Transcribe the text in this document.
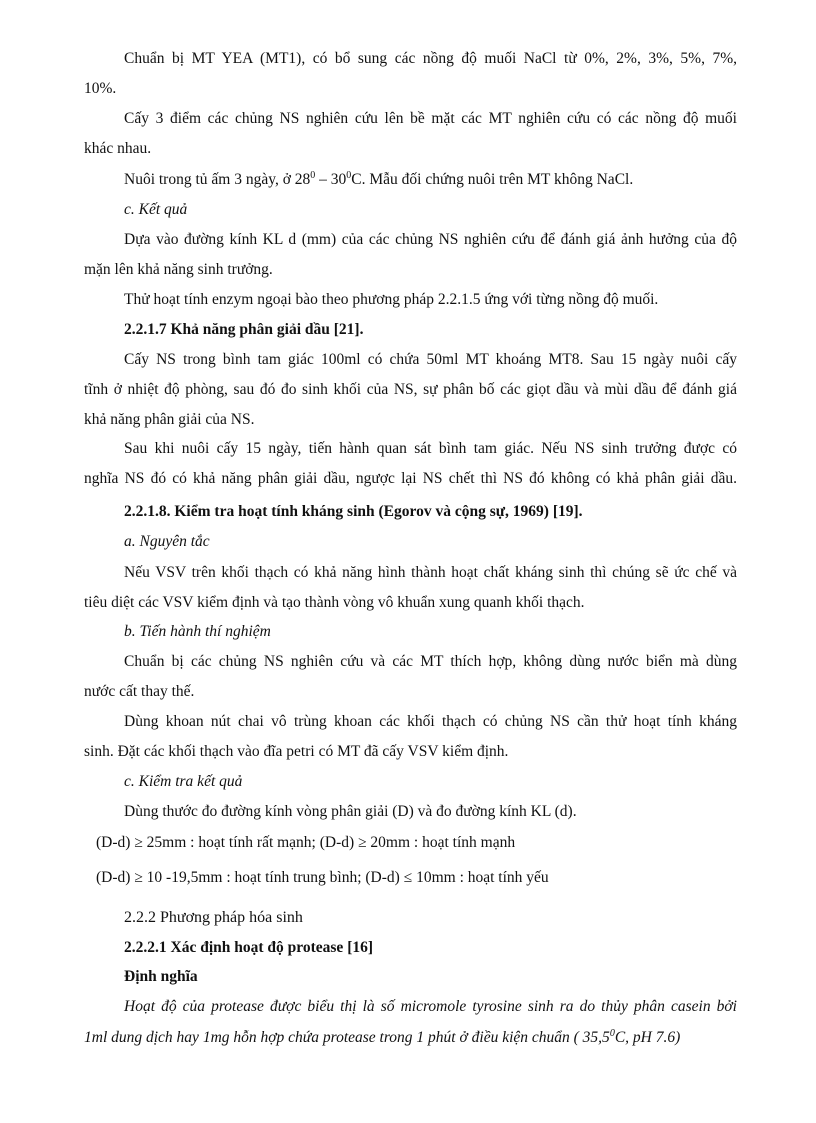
Chuẩn bị MT YEA (MT1), có bổ sung các nồng độ muối NaCl từ 0%, 2%, 3%, 5%, 7%,
10%.
Cấy 3 điểm các chủng NS nghiên cứu lên bề mặt các MT nghiên cứu có các nồng độ muối
khác nhau.
Nuôi trong tủ ấm 3 ngày, ở $28^0 - 30^0C$. Mẫu đối chứng nuôi trên MT không NaCl.
c. Kết quả
Dựa vào đường kính KL d (mm) của các chủng NS nghiên cứu để đánh giá ảnh hưởng của độ
mặn lên khả năng sinh trưởng.
Thử hoạt tính enzym ngoại bào theo phương pháp 2.2.1.5 ứng với từng nồng độ muối.
2.2.1.7 Khả năng phân giải dầu [21].
Cấy NS trong bình tam giác 100ml có chứa 50ml MT khoáng MT8. Sau 15 ngày nuôi cấy
tĩnh ở nhiệt độ phòng, sau đó đo sinh khối của NS, sự phân bố các giọt dầu và mùi dầu để đánh giá
khả năng phân giải của NS.
Sau khi nuôi cấy 15 ngày, tiến hành quan sát bình tam giác. Nếu NS sinh trưởng được có
nghĩa NS đó có khả năng phân giải dầu, ngược lại NS chết thì NS đó không có khả phân giải dầu.
2.2.1.8. Kiểm tra hoạt tính kháng sinh (Egorov và cộng sự, 1969) [19].
a. Nguyên tắc
Nếu VSV trên khối thạch có khả năng hình thành hoạt chất kháng sinh thì chúng sẽ ức chế và
tiêu diệt các VSV kiểm định và tạo thành vòng vô khuẩn xung quanh khối thạch.
b. Tiến hành thí nghiệm
Chuẩn bị các chủng NS nghiên cứu và các MT thích hợp, không dùng nước biển mà dùng
nước cất thay thế.
Dùng khoan nút chai vô trùng khoan các khối thạch có chủng NS cần thử hoạt tính kháng
sinh. Đặt các khối thạch vào đĩa petri có MT đã cấy VSV kiểm định.
c. Kiểm tra kết quả
Dùng thước đo đường kính vòng phân giải (D) và đo đường kính KL (d).
(D-d) ≥ 25mm : hoạt tính rất mạnh; (D-d) ≥ 20mm : hoạt tính mạnh
(D-d) ≥ 10 -19,5mm : hoạt tính trung bình; (D-d) ≤ 10mm : hoạt tính yếu
2.2.2 Phương pháp hóa sinh
2.2.2.1 Xác định hoạt độ protease [16]
Định nghĩa
Hoạt độ của protease được biểu thị là số micromole tyrosine sinh ra do thủy phân casein bởi
1ml dung dịch hay 1mg hỗn hợp chứa protease trong 1 phút ở điều kiện chuẩn ( 35,5$^0$C, pH 7.6)
